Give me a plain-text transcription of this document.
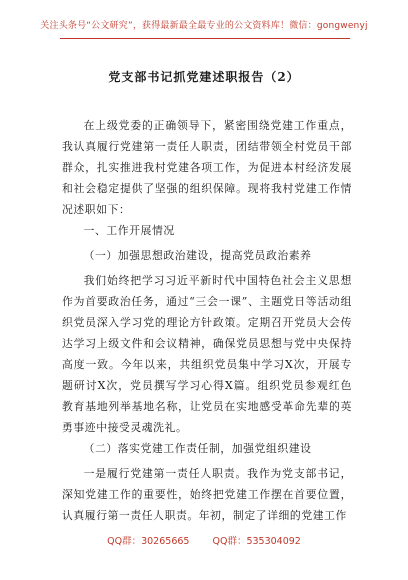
关注头条号“公文研究”，获得最新最全最专业的公文资料库！微信：gongwenyj
党支部书记抓党建述职报告（2）

在上级党委的正确领导下，紧密围绕党建工作重点，我认真履行党建第一责任人职责，团结带领全村党员干部群众，扎实推进我村党建各项工作，为促进本村经济发展和社会稳定提供了坚强的组织保障。现将我村党建工作情况述职如下：

一、工作开展情况

（一）加强思想政治建设，提高党员政治素养

我们始终把学习习近平新时代中国特色社会主义思想作为首要政治任务，通过“三会一课”、主题党日等活动组织党员深入学习党的理论方针政策。定期召开党员大会传达学习上级文件和会议精神，确保党员思想与党中央保持高度一致。今年以来，共组织党员集中学习X次，开展专题研讨X次，党员撰写学习心得X篇。组织党员参观红色教育基地列举基地名称，让党员在实地感受革命先辈的英勇事迹中接受灵魂洗礼。

（二）落实党建工作责任制，加强党组织建设

一是履行党建第一责任人职责。我作为党支部书记，深知党建工作的重要性，始终把党建工作摆在首要位置，认真履行第一责任人职责。年初，制定了详细的党建工作

QQ群：30265665 QQ群：535304092
